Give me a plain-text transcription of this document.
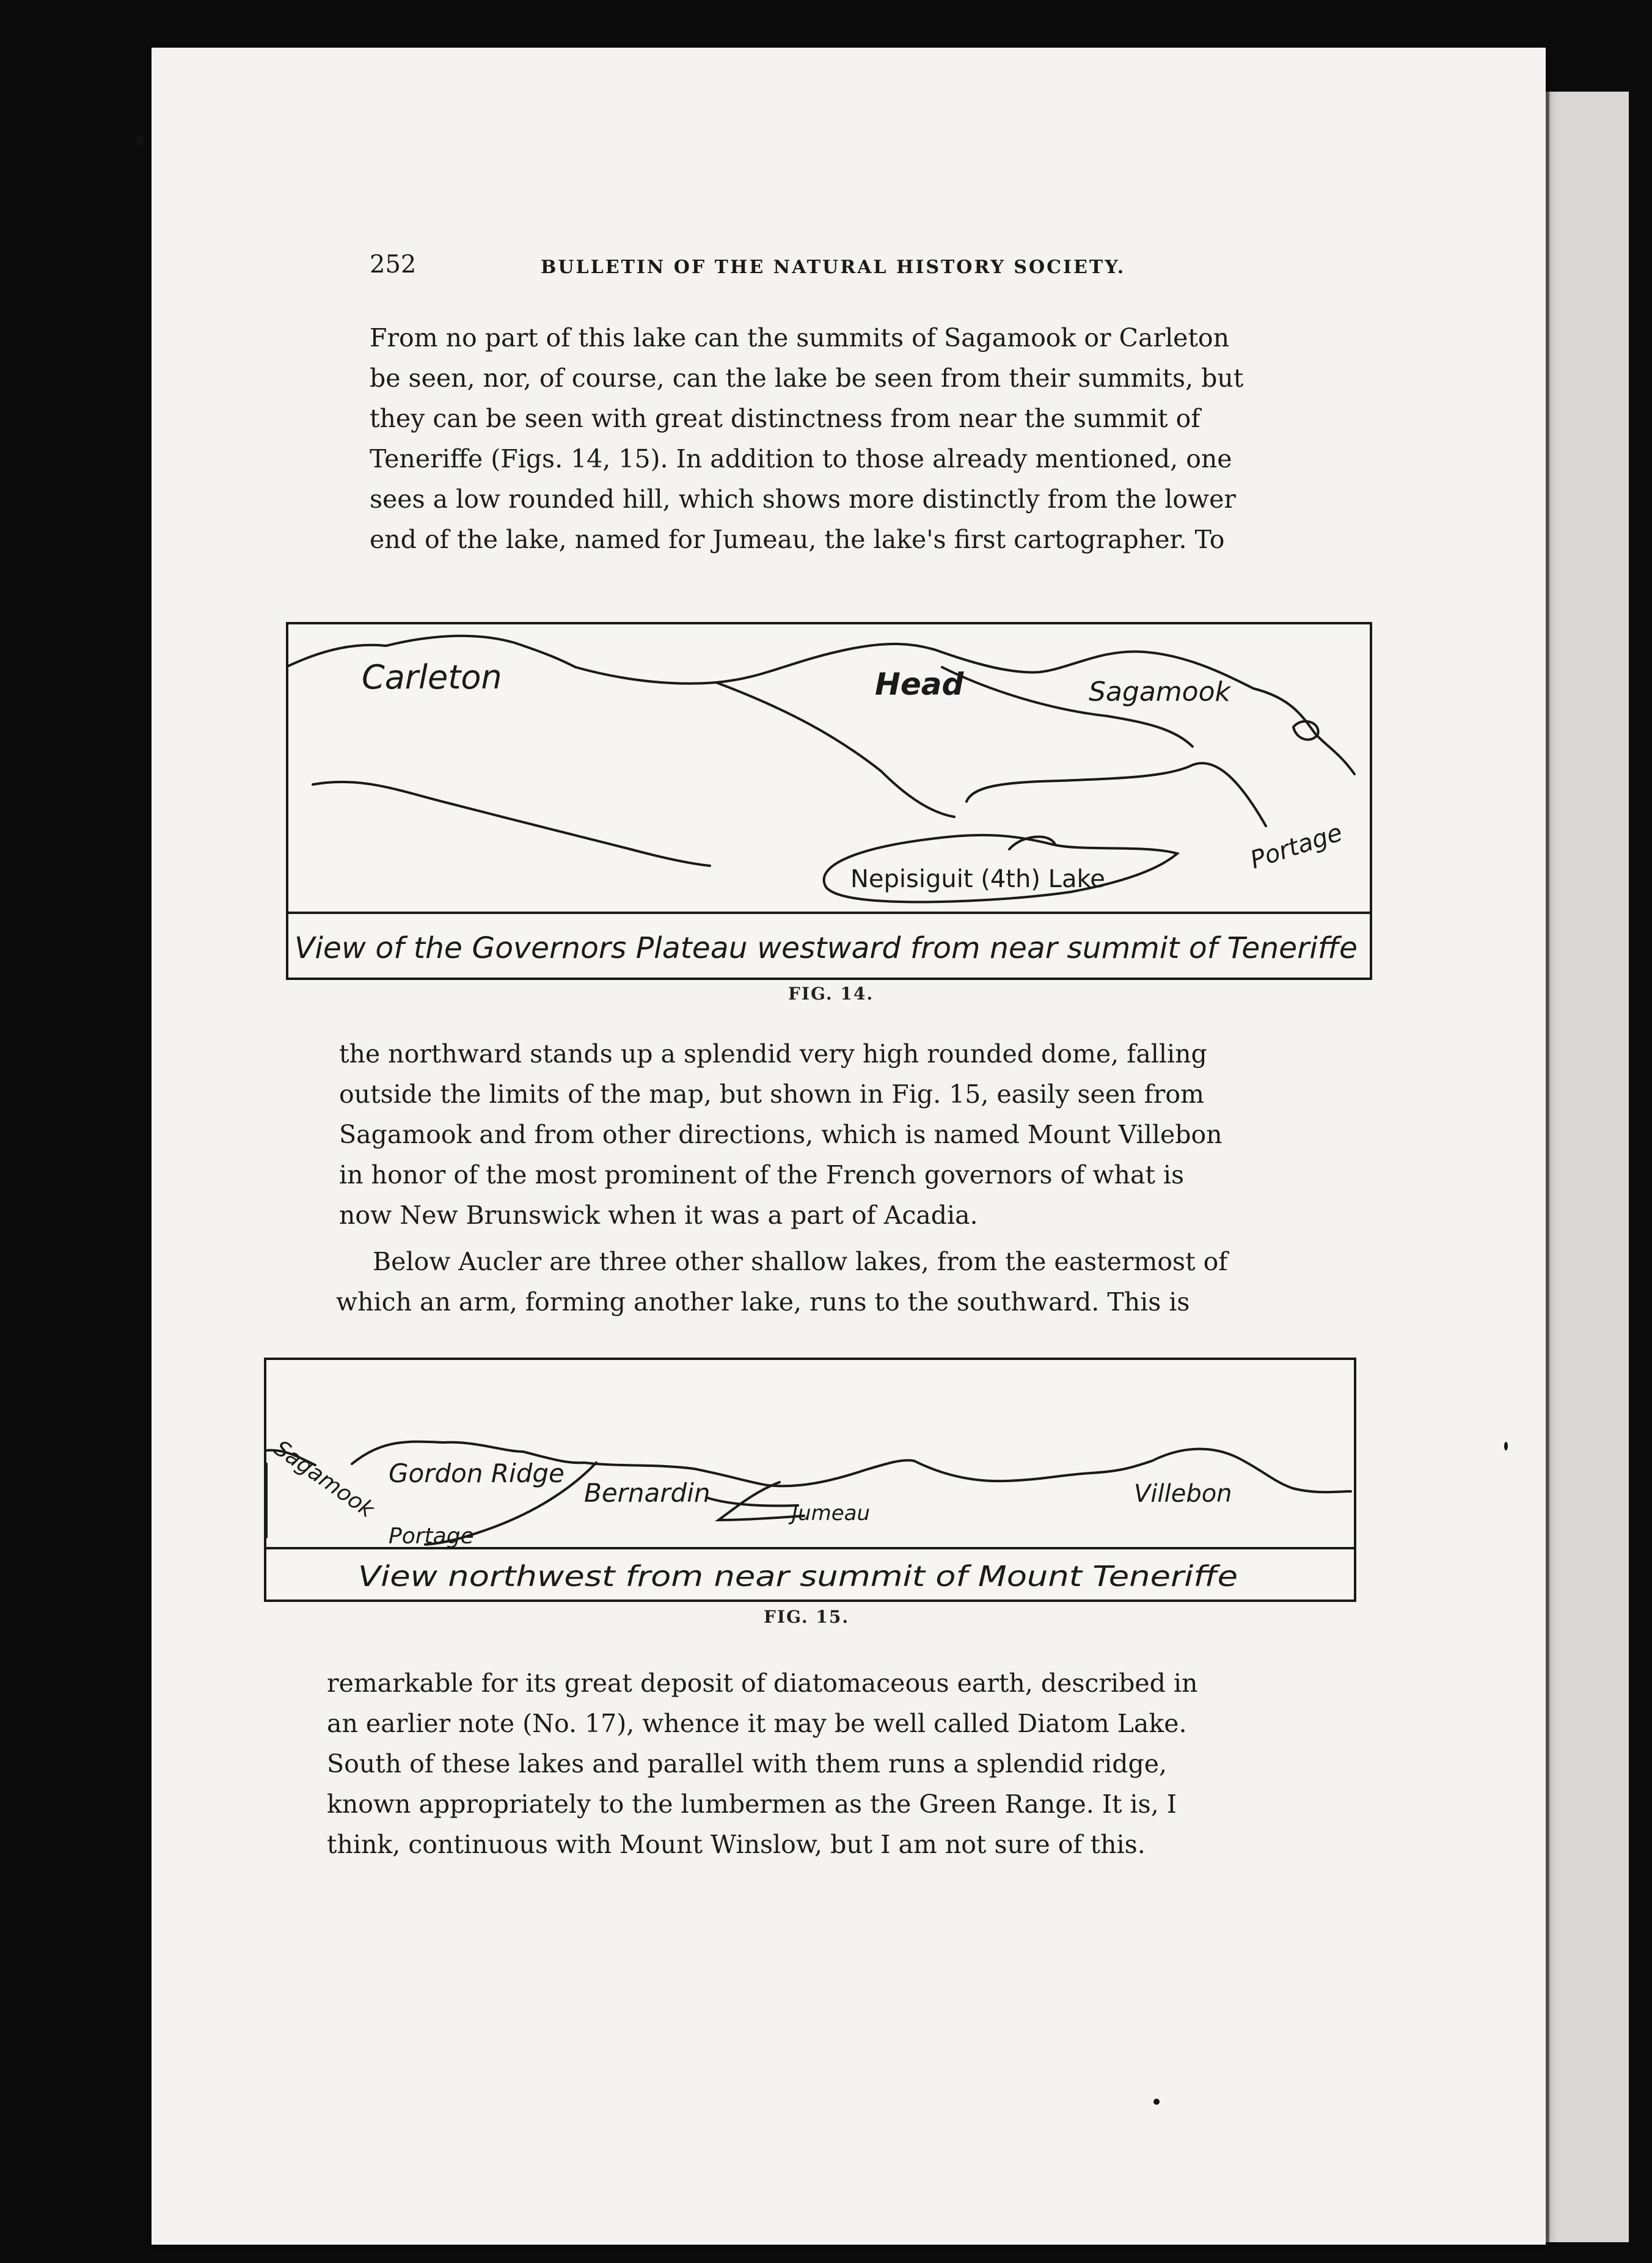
252	BULLETIN OF THE NATURAL HISTORY SOCIETY.
From no part of this lake can the summits of Sagamook or Carleton
be seen, nor, of course, can the lake be seen from their summits, but
they can be seen with great distinctness from near the summit of
Teneriffe (Figs. 14, 15). In addition to those already mentioned, one
sees a low rounded hill, which shows more distinctly from the lower
end of the lake, named for Jumeau, the lake's first cartographer. To
Carleton	Head	Sagamook
Nepisiguit (4th) Lake
Portage
View of the Governors Plateau westward from near summit of Teneriffe
FIG. 14.
the northward stands up a splendid very high rounded dome, falling
outside the limits of the map, but shown in Fig. 15, easily seen from
Sagamook and from other directions, which is named Mount Villebon
in honor of the most prominent of the French governors of what is
now New Brunswick when it was a part of Acadia.
Below Aucler are three other shallow lakes, from the eastermost of
which an arm, forming another lake, runs to the southward. This is
Sagamook Gordon Ridge
Bernardin
Jumeau
Villebon
Portage
View northwest from near summit of Mount Teneriffe
FIG. 15.
remarkable for its great deposit of diatomaceous earth, described in
an earlier note (No. 17), whence it may be well called Diatom Lake.
South of these lakes and parallel with them runs a splendid ridge,
known appropriately to the lumbermen as the Green Range. It is, I
think, continuous with Mount Winslow, but I am not sure of this.
